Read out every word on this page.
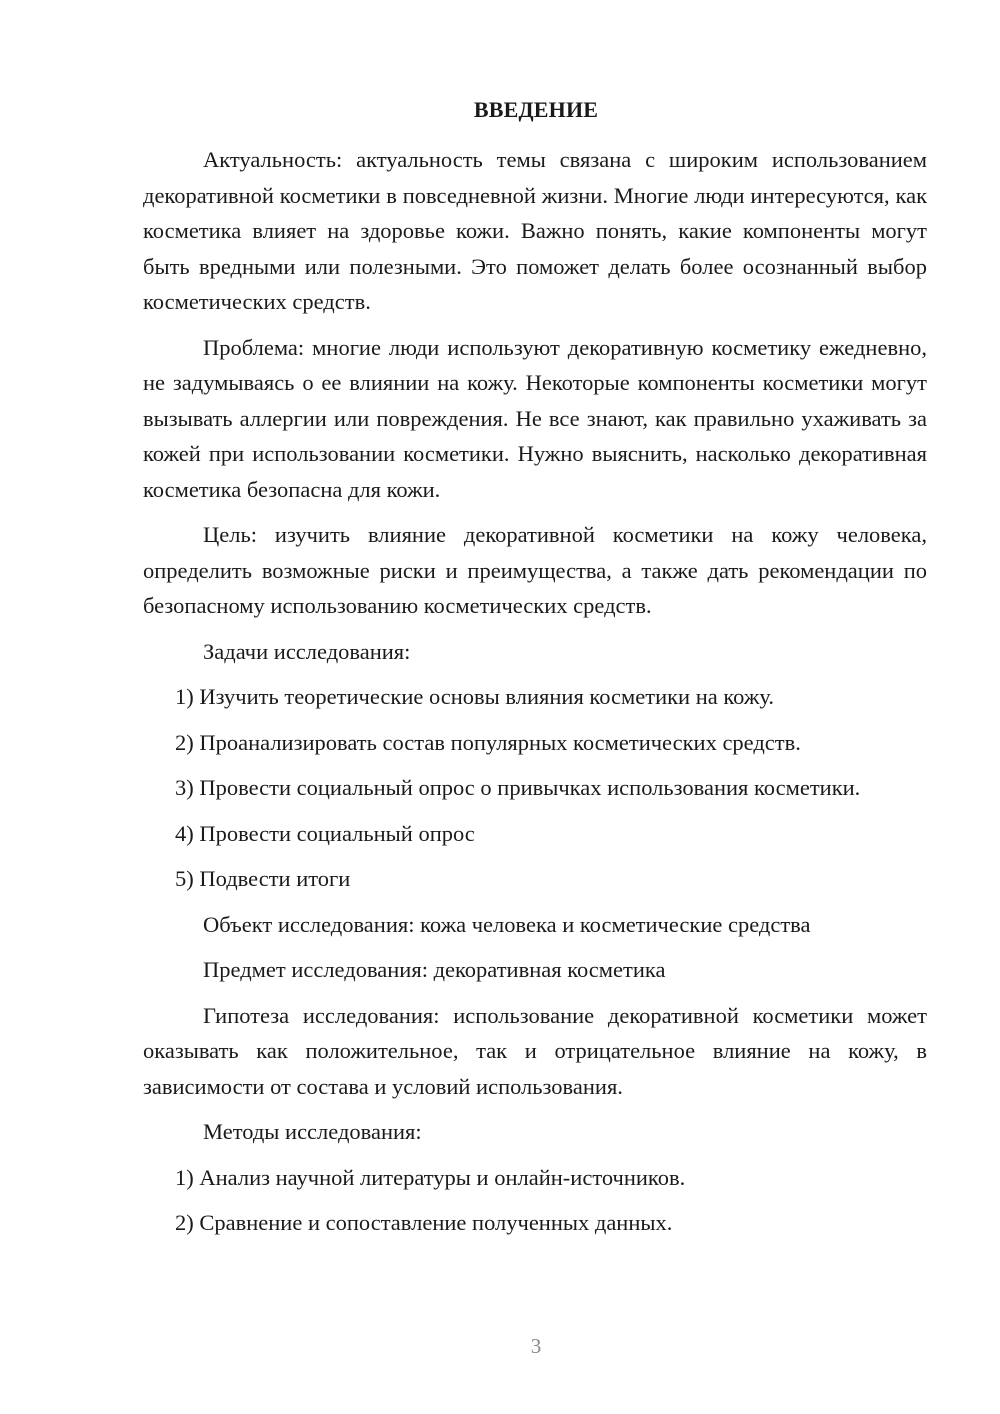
ВВЕДЕНИЕ

Актуальность: актуальность темы связана с широким использованием декоративной косметики в повседневной жизни. Многие люди интересуются, как косметика влияет на здоровье кожи. Важно понять, какие компоненты могут быть вредными или полезными. Это поможет делать более осознанный выбор косметических средств.

Проблема: многие люди используют декоративную косметику ежедневно, не задумываясь о ее влиянии на кожу. Некоторые компоненты косметики могут вызывать аллергии или повреждения. Не все знают, как правильно ухаживать за кожей при использовании косметики. Нужно выяснить, насколько декоративная косметика безопасна для кожи.

Цель: изучить влияние декоративной косметики на кожу человека, определить возможные риски и преимущества, а также дать рекомендации по безопасному использованию косметических средств.

Задачи исследования:

1) Изучить теоретические основы влияния косметики на кожу.

2) Проанализировать состав популярных косметических средств.

3) Провести социальный опрос о привычках использования косметики.

4) Провести социальный опрос

5) Подвести итоги

Объект исследования: кожа человека и косметические средства

Предмет исследования: декоративная косметика

Гипотеза исследования: использование декоративной косметики может оказывать как положительное, так и отрицательное влияние на кожу, в зависимости от состава и условий использования.

Методы исследования:

1) Анализ научной литературы и онлайн-источников.

2) Сравнение и сопоставление полученных данных.

3
